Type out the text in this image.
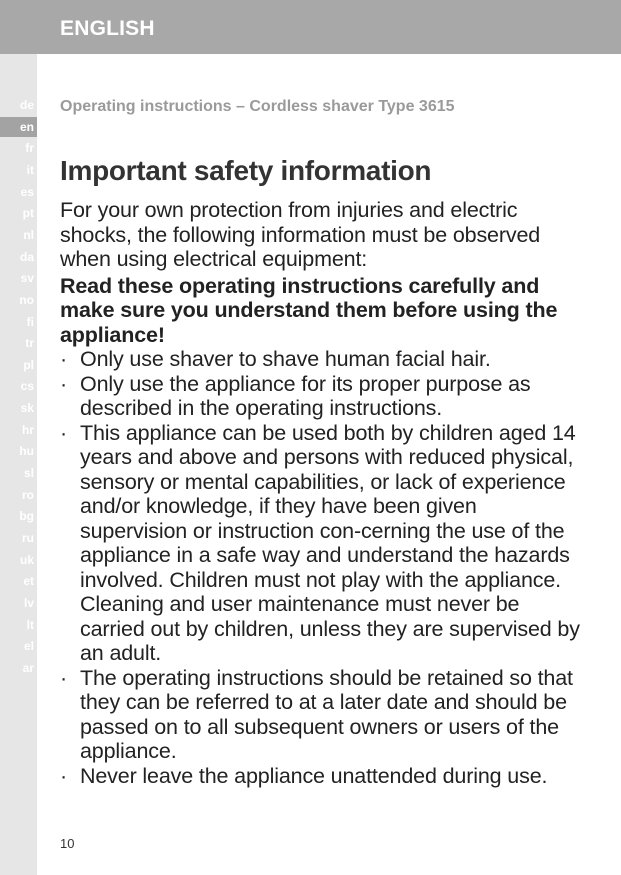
ENGLISH
de
en
fr
it
es
pt
nl
da
sv
no
fi
tr
pl
cs
sk
hr
hu
sl
ro
bg
ru
uk
et
lv
lt
el
ar
Operating instructions – Cordless shaver Type 3615
Important safety information

For your own protection from injuries and electric shocks, the following information must be observed when using electrical equipment:

Read these operating instructions carefully and make sure you understand them before using the appliance!

· Only use shaver to shave human facial hair.
· Only use the appliance for its proper purpose as described in the operating instructions.
· This appliance can be used both by children aged 14 years and above and persons with reduced physical, sensory or mental capabilities, or lack of experience and/or knowledge, if they have been given supervision or instruction con-cerning the use of the appliance in a safe way and understand the hazards involved. Children must not play with the appliance. Cleaning and user maintenance must never be carried out by children, unless they are supervised by an adult.
· The operating instructions should be retained so that they can be referred to at a later date and should be passed on to all subsequent owners or users of the appliance.
· Never leave the appliance unattended during use.
10
